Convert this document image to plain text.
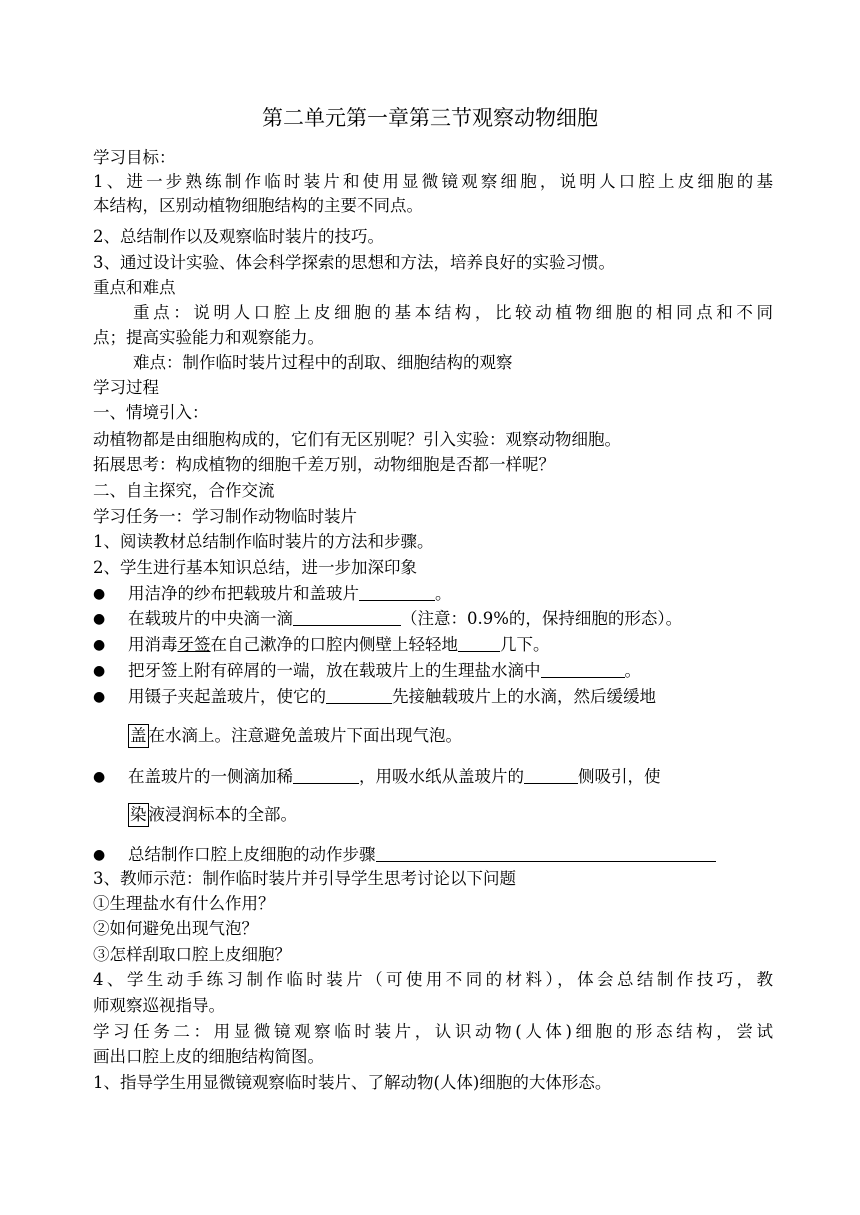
第二单元第一章第三节观察动物细胞
学习目标：
1、进一步熟练制作临时装片和使用显微镜观察细胞，说明人口腔上皮细胞的基
本结构，区别动植物细胞结构的主要不同点。
2、总结制作以及观察临时装片的技巧。
3、通过设计实验、体会科学探索的思想和方法，培养良好的实验习惯。
重点和难点
重点：说明人口腔上皮细胞的基本结构，比较动植物细胞的相同点和不同
点；提高实验能力和观察能力。
难点：制作临时装片过程中的刮取、细胞结构的观察
学习过程
一、情境引入：
动植物都是由细胞构成的，它们有无区别呢？引入实验：观察动物细胞。
拓展思考：构成植物的细胞千差万别，动物细胞是否都一样呢？
二、自主探究，合作交流
学习任务一：学习制作动物临时装片
1、阅读教材总结制作临时装片的方法和步骤。
2、学生进行基本知识总结，进一步加深印象
● 用洁净的纱布把载玻片和盖玻片	。
● 在载玻片的中央滴一滴	（注意：0.9%的，保持细胞的形态）。
● 用消毒牙签在自己漱净的口腔内侧壁上轻轻地	几下。
● 把牙签上附有碎屑的一端，放在载玻片上的生理盐水滴中	。
● 用镊子夹起盖玻片，使它的	先接触载玻片上的水滴，然后缓缓地
盖 在水滴上。注意避免盖玻片下面出现气泡。
● 在盖玻片的一侧滴加稀	，用吸水纸从盖玻片的	侧吸引，使
染 液浸润标本的全部。
● 总结制作口腔上皮细胞的动作步骤
3、教师示范：制作临时装片并引导学生思考讨论以下问题
①生理盐水有什么作用？
②如何避免出现气泡？
③怎样刮取口腔上皮细胞？
4、学生动手练习制作临时装片（可使用不同的材料），体会总结制作技巧，教
师观察巡视指导。
学习任务二：用显微镜观察临时装片，认识动物(人体)细胞的形态结构，尝试
画出口腔上皮的细胞结构简图。
1、指导学生用显微镜观察临时装片、了解动物(人体)细胞的大体形态。
